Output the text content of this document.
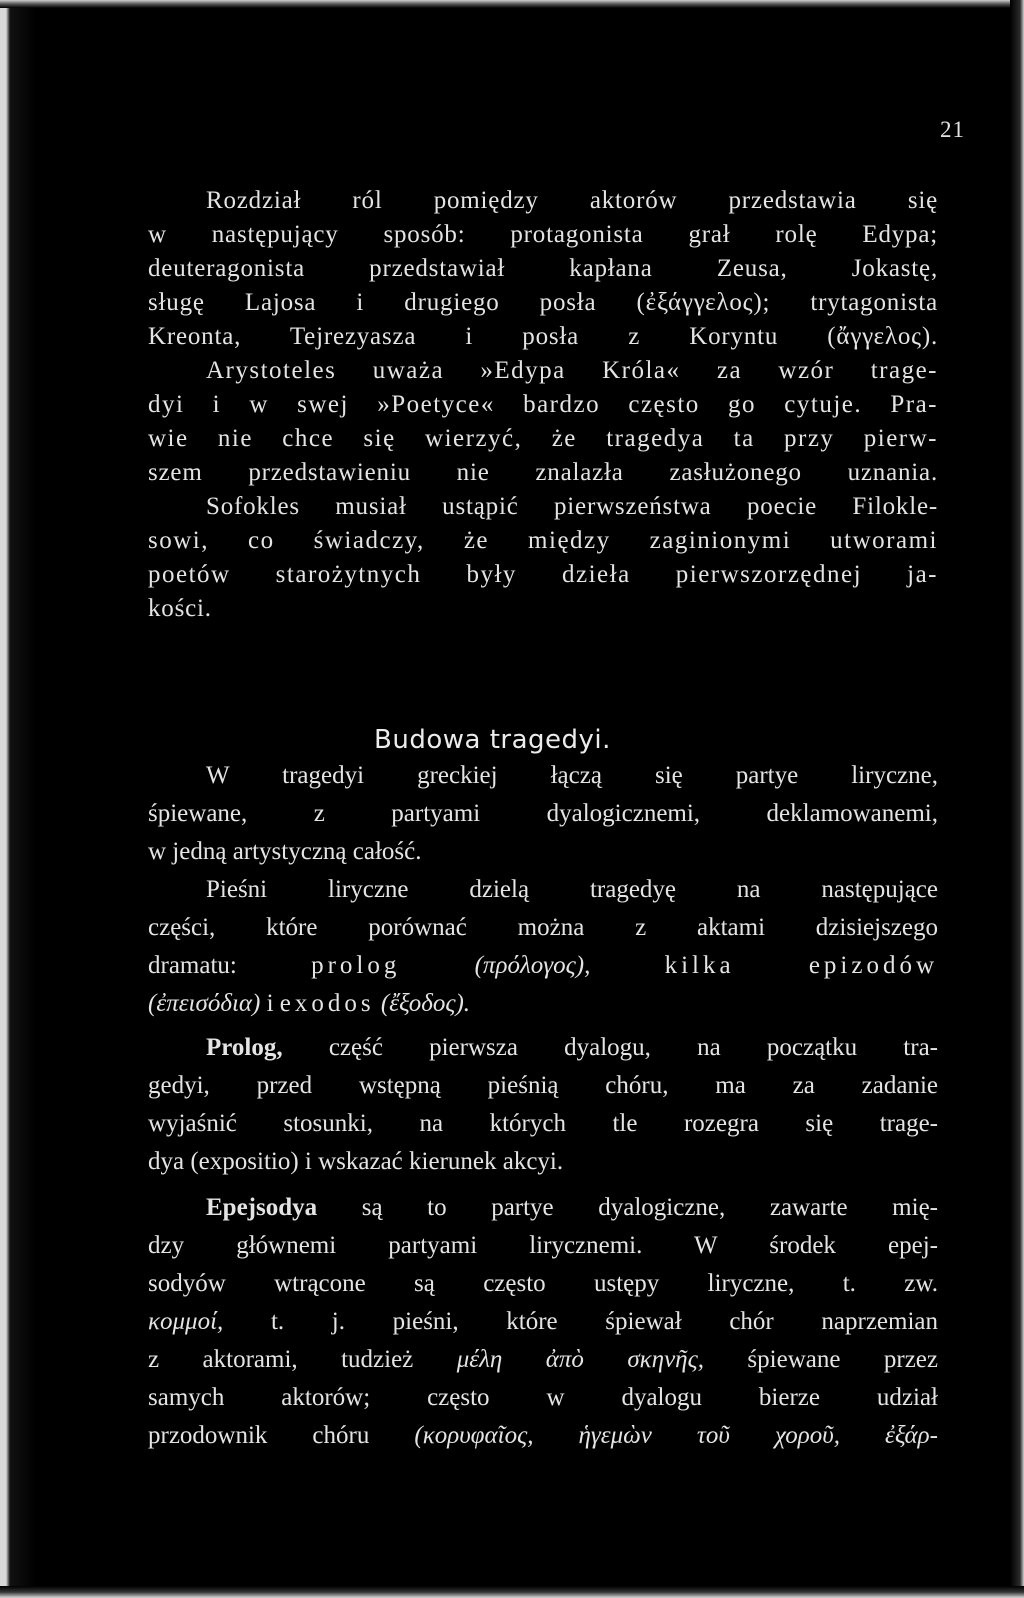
21
Rozdział ról pomiędzy aktorów przedstawia się
w następujący sposób: protagonista grał rolę Edypa;
deuteragonista przedstawiał kapłana Zeusa, Jokastę,
sługę Lajosa i drugiego posła (ἐξάγγελος); trytagonista
Kreonta, Tejrezyasza i posła z Koryntu (ἄγγελος).
Arystoteles uważa »Edypa Króla« za wzór trage-
dyi i w swej »Poetyce« bardzo często go cytuje. Pra-
wie nie chce się wierzyć, że tragedya ta przy pierw-
szem przedstawieniu nie znalazła zasłużonego uznania.
Sofokles musiał ustąpić pierwszeństwa poecie Filokle-
sowi, co świadczy, że między zaginionymi utworami
poetów starożytnych były dzieła pierwszorzędnej ja-
kości.
Budowa tragedyi.
W tragedyi greckiej łączą się partye liryczne,
śpiewane, z partyami dyalogicznemi, deklamowanemi,
w jedną artystyczną całość.
Pieśni liryczne dzielą tragedyę na następujące
części, które porównać można z aktami dzisiejszego
dramatu:	prolog	(πρόλογος),	kilka	epizodów
(ἐπεισόδια) i exodos (ἔξοδος).
Prolog, część pierwsza dyalogu, na początku tra-
gedyi, przed wstępną pieśnią chóru, ma za zadanie
wyjaśnić stosunki, na których tle rozegra się trage-
dya (expositio) i wskazać kierunek akcyi.
Epejsodya są to partye dyalogiczne, zawarte mię-
dzy głównemi partyami lirycznemi. W środek epej-
sodyów wtrącone są często ustępy liryczne, t. zw.
κομμοί, t. j. pieśni, które śpiewał chór naprzemian
z aktorami, tudzież μέλη ἀπὸ σκηνῆς, śpiewane przez
samych aktorów; często w dyalogu bierze udział
przodownik chóru (κορυφαῖος, ἡγεμὼν τοῦ χοροῦ, ἐξάρ-
